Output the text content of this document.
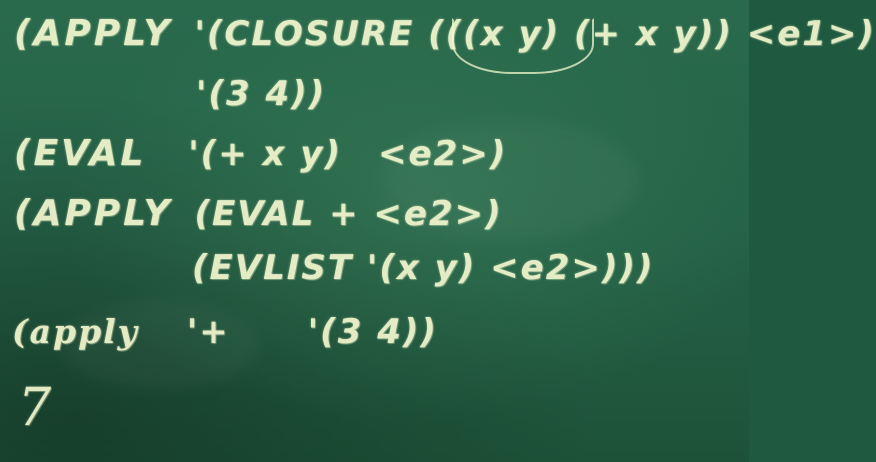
(APPLY '(CLOSURE (((x y) (+ x y)) <e1>)
'(3 4))
(EVAL '(+ x y) <e2>)
(APPLY (EVAL + <e2>)
(EVLIST '(x y) <e2>)))
(apply '+ '(3 4))
7
